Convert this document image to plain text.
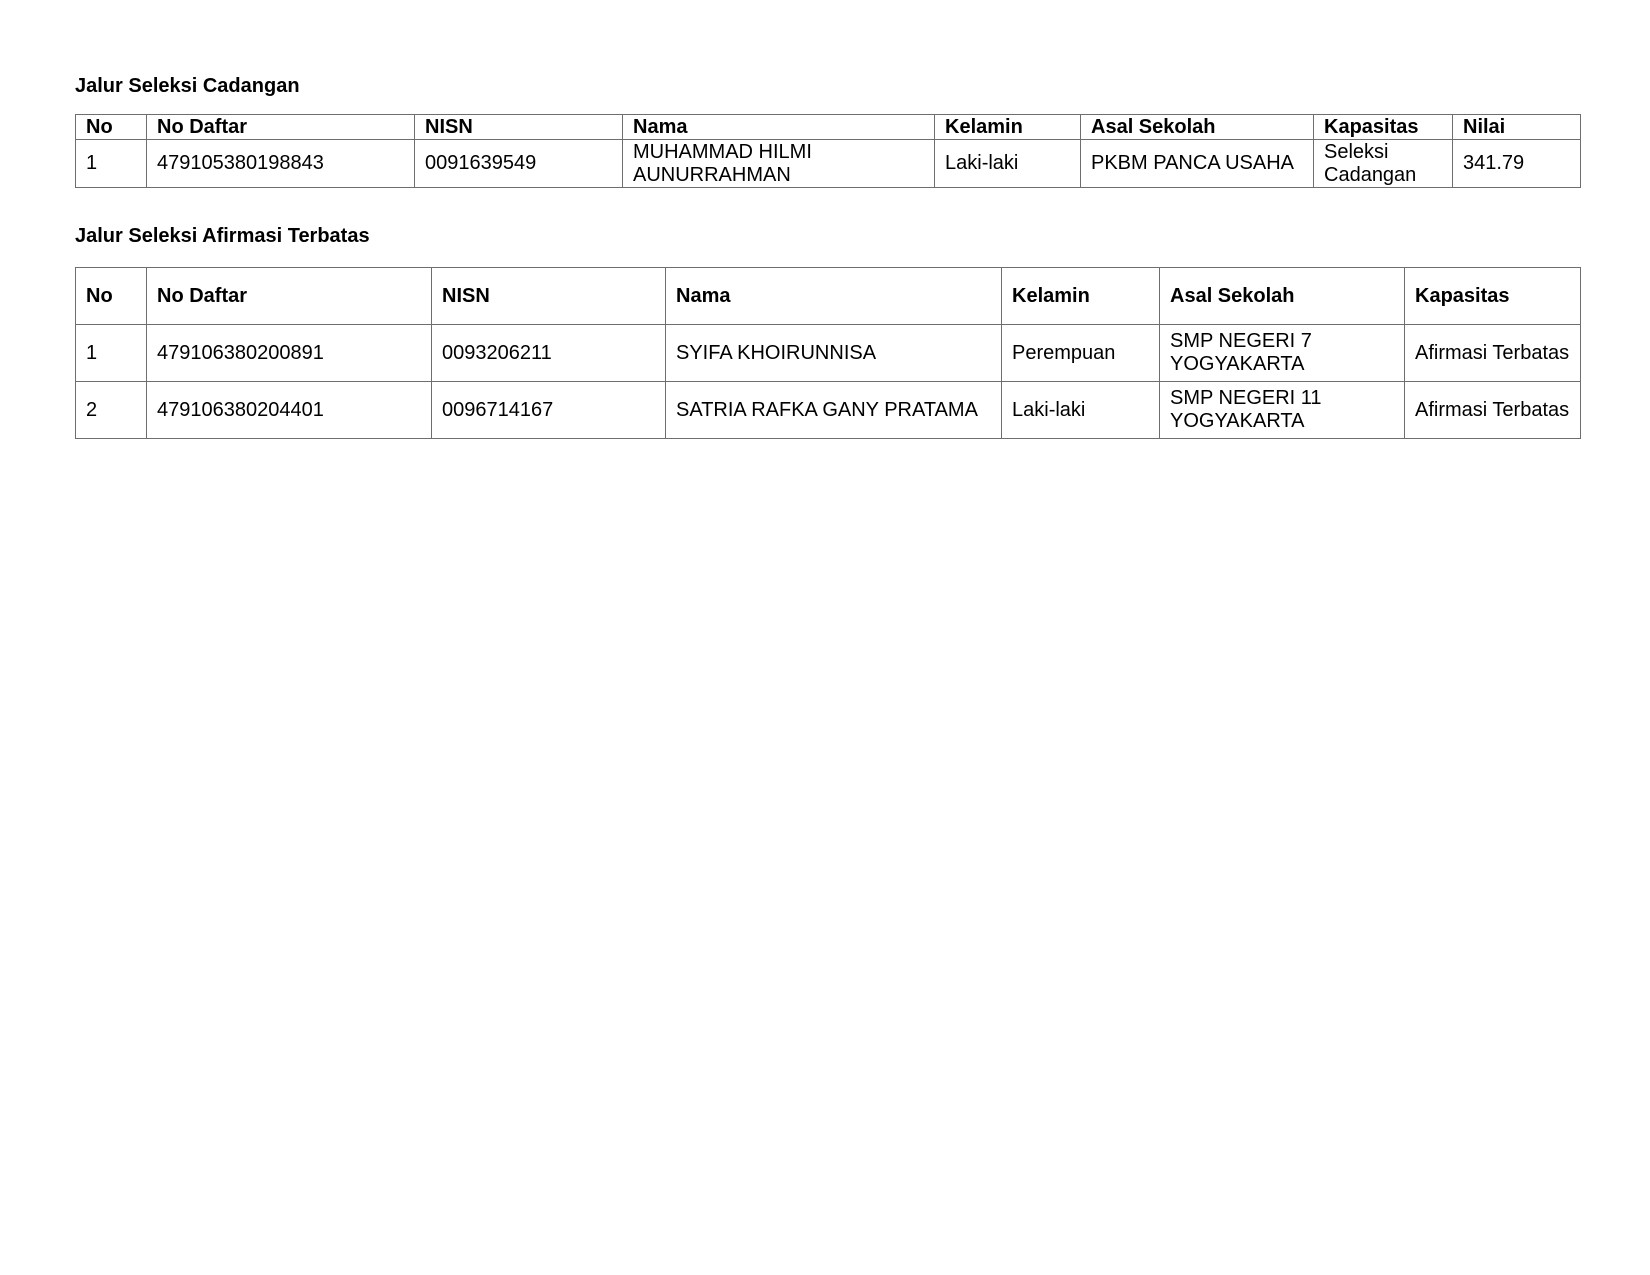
Jalur Seleksi Cadangan

No	No Daftar	NISN	Nama	Kelamin	Asal Sekolah	Kapasitas	Nilai
1	479105380198843	0091639549	MUHAMMAD HILMI AUNURRAHMAN	Laki-laki	PKBM PANCA USAHA	Seleksi Cadangan	341.79

Jalur Seleksi Afirmasi Terbatas

No	No Daftar	NISN	Nama	Kelamin	Asal Sekolah	Kapasitas
1	479106380200891	0093206211	SYIFA KHOIRUNNISA	Perempuan	SMP NEGERI 7 YOGYAKARTA	Afirmasi Terbatas
2	479106380204401	0096714167	SATRIA RAFKA GANY PRATAMA	Laki-laki	SMP NEGERI 11 YOGYAKARTA	Afirmasi Terbatas
